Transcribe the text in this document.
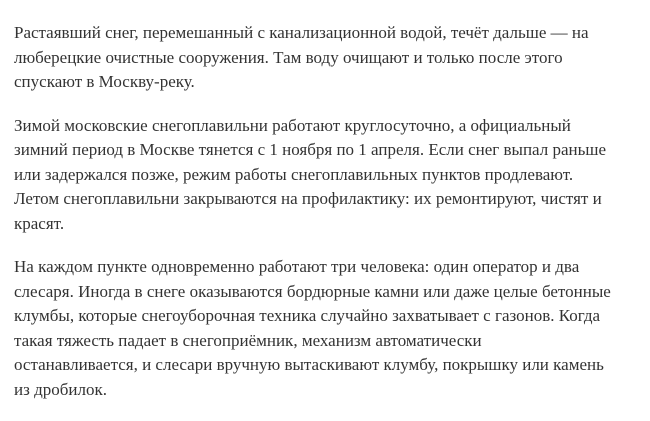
Растаявший снег, перемешанный с канализационной водой, течёт дальше — на
люберецкие очистные сооружения. Там воду очищают и только после этого
спускают в Москву-реку.

Зимой московские снегоплавильни работают круглосуточно, а официальный
зимний период в Москве тянется с 1 ноября по 1 апреля. Если снег выпал раньше
или задержался позже, режим работы снегоплавильных пунктов продлевают.
Летом снегоплавильни закрываются на профилактику: их ремонтируют, чистят и
красят.

На каждом пункте одновременно работают три человека: один оператор и два
слесаря. Иногда в снеге оказываются бордюрные камни или даже целые бетонные
клумбы, которые снегоуборочная техника случайно захватывает с газонов. Когда
такая тяжесть падает в снегоприёмник, механизм автоматически
останавливается, и слесари вручную вытаскивают клумбу, покрышку или камень
из дробилок.
